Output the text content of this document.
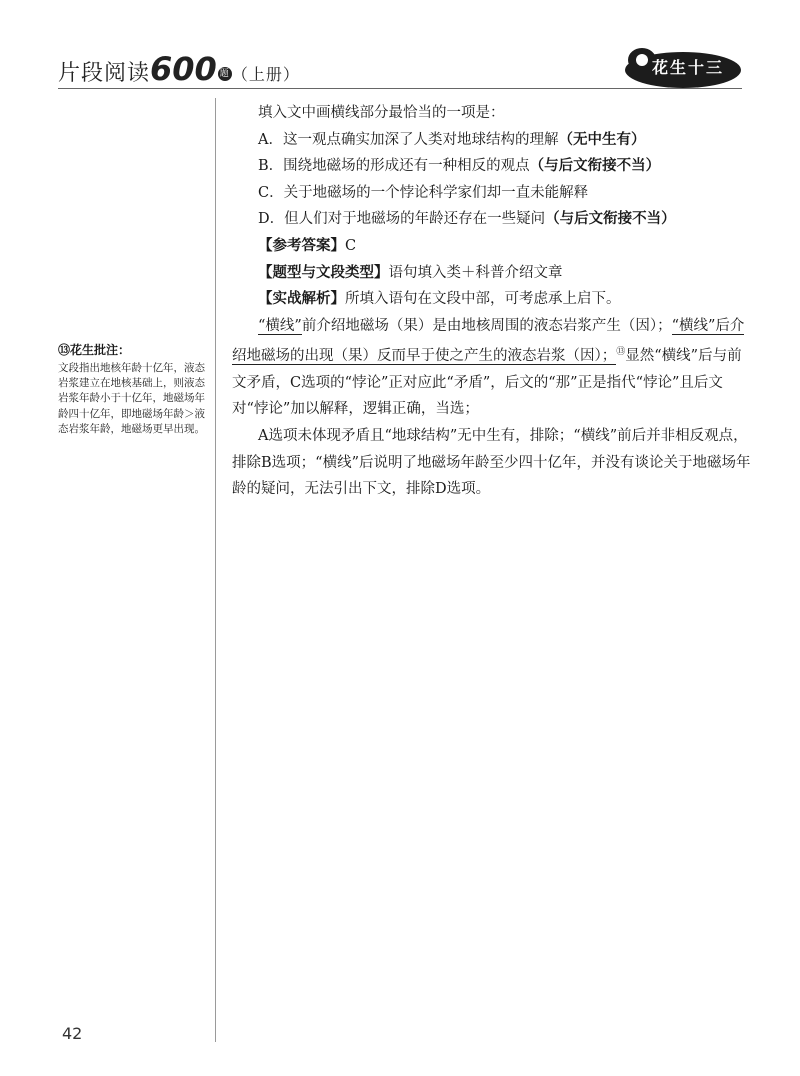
片段阅读600 题 （上册）	花生十三
⑬花生批注：
文段指出地核年龄十亿年，液态岩浆建立在地核基础上，则液态岩浆年龄小于十亿年，地磁场年龄四十亿年，即地磁场年龄＞液态岩浆年龄，地磁场更早出现。

填入文中画横线部分最恰当的一项是：

A．这一观点确实加深了人类对地球结构的理解（无中生有）

B．围绕地磁场的形成还有一种相反的观点（与后文衔接不当）

C．关于地磁场的一个悖论科学家们却一直未能解释

D．但人们对于地磁场的年龄还存在一些疑问（与后文衔接不当）

【参考答案】C

【题型与文段类型】语句填入类＋科普介绍文章

【实战解析】所填入语句在文段中部，可考虑承上启下。

“横线”前介绍地磁场（果）是由地核周围的液态岩浆产生（因）；“横线”后介绍地磁场的出现（果）反而早于使之产生的液态岩浆（因）；⑬显然“横线”后与前文矛盾，C选项的“悖论”正对应此“矛盾”，后文的“那”正是指代“悖论”且后文对“悖论”加以解释，逻辑正确，当选；

A选项未体现矛盾且“地球结构”无中生有，排除；“横线”前后并非相反观点，排除B选项；“横线”后说明了地磁场年龄至少四十亿年，并没有谈论关于地磁场年龄的疑问，无法引出下文，排除D选项。

42
